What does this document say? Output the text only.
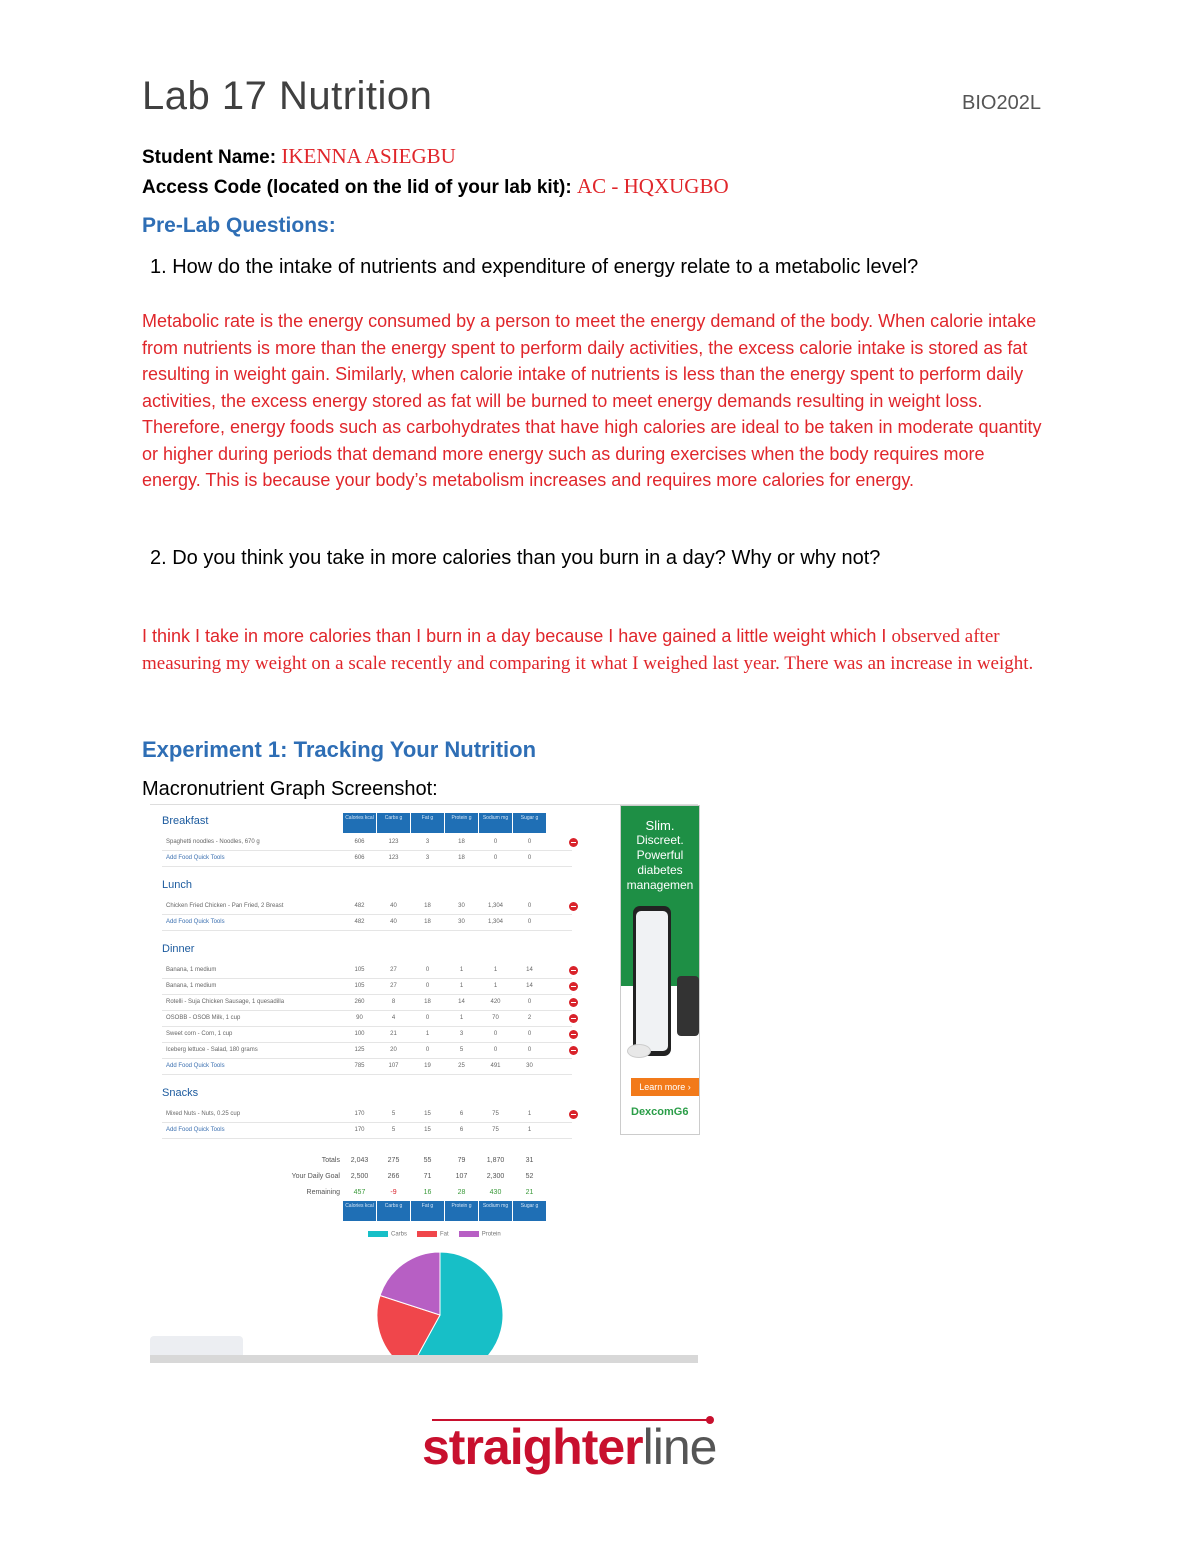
Lab 17 Nutrition	BIO202L
Student Name: IKENNA ASIEGBU
Access Code (located on the lid of your lab kit): AC - HQXUGBO
Pre-Lab Questions:
1. How do the intake of nutrients and expenditure of energy relate to a metabolic level?
Metabolic rate is the energy consumed by a person to meet the energy demand of the body. When calorie intake from nutrients is more than the energy spent to perform daily activities, the excess calorie intake is stored as fat resulting in weight gain. Similarly, when calorie intake of nutrients is less than the energy spent to perform daily activities, the excess energy stored as fat will be burned to meet energy demands resulting in weight loss. Therefore, energy foods such as carbohydrates that have high calories are ideal to be taken in moderate quantity or higher during periods that demand more energy such as during exercises when the body requires more energy. This is because your body’s metabolism increases and requires more calories for energy.
2. Do you think you take in more calories than you burn in a day? Why or why not?
I think I take in more calories than I burn in a day because I have gained a little weight which I observed after measuring my weight on a scale recently and comparing it what I weighed last year. There was an increase in weight.
Experiment 1: Tracking Your Nutrition
Macronutrient Graph Screenshot:
Breakfast	Calories kcal	Carbs g	Fat g	Protein g	Sodium mg	Sugar g
Spaghetti noodles - Noodles, 670 g	606	123	3	18	0	0
Add Food Quick Tools	606	123	3	18	0	0
Lunch
Chicken Fried Chicken - Pan Fried, 2 Breast	482	40	18	30	1,304	0
Add Food Quick Tools	482	40	18	30	1,304	0
Dinner
Banana, 1 medium	105	27	0	1	1	14
Banana, 1 medium	105	27	0	1	1	14
Rotelli - Suja Chicken Sausage, 1 quesadilla	260	8	18	14	420	0
OSOBB - OSOB Milk, 1 cup	90	4	0	1	70	2
Sweet corn - Corn, 1 cup	100	21	1	3	0	0
Iceberg lettuce - Salad, 180 grams	125	20	0	5	0	0
Add Food Quick Tools	785	107	19	25	491	30
Snacks
Mixed Nuts - Nuts, 0.25 cup	170	5	15	6	75	1
Add Food Quick Tools	170	5	15	6	75	1
Totals	2,043	275	55	79	1,870	31
Your Daily Goal	2,500	266	71	107	2,300	52
Remaining	457	-9	16	28	430	21
Calories kcal	Carbs g	Fat g	Protein g	Sodium mg	Sugar g
Carbs	Fat	Protein
Slim.
Discreet.
Powerful
diabetes
managemen
Learn more ›
DexcomG6
straighterline
